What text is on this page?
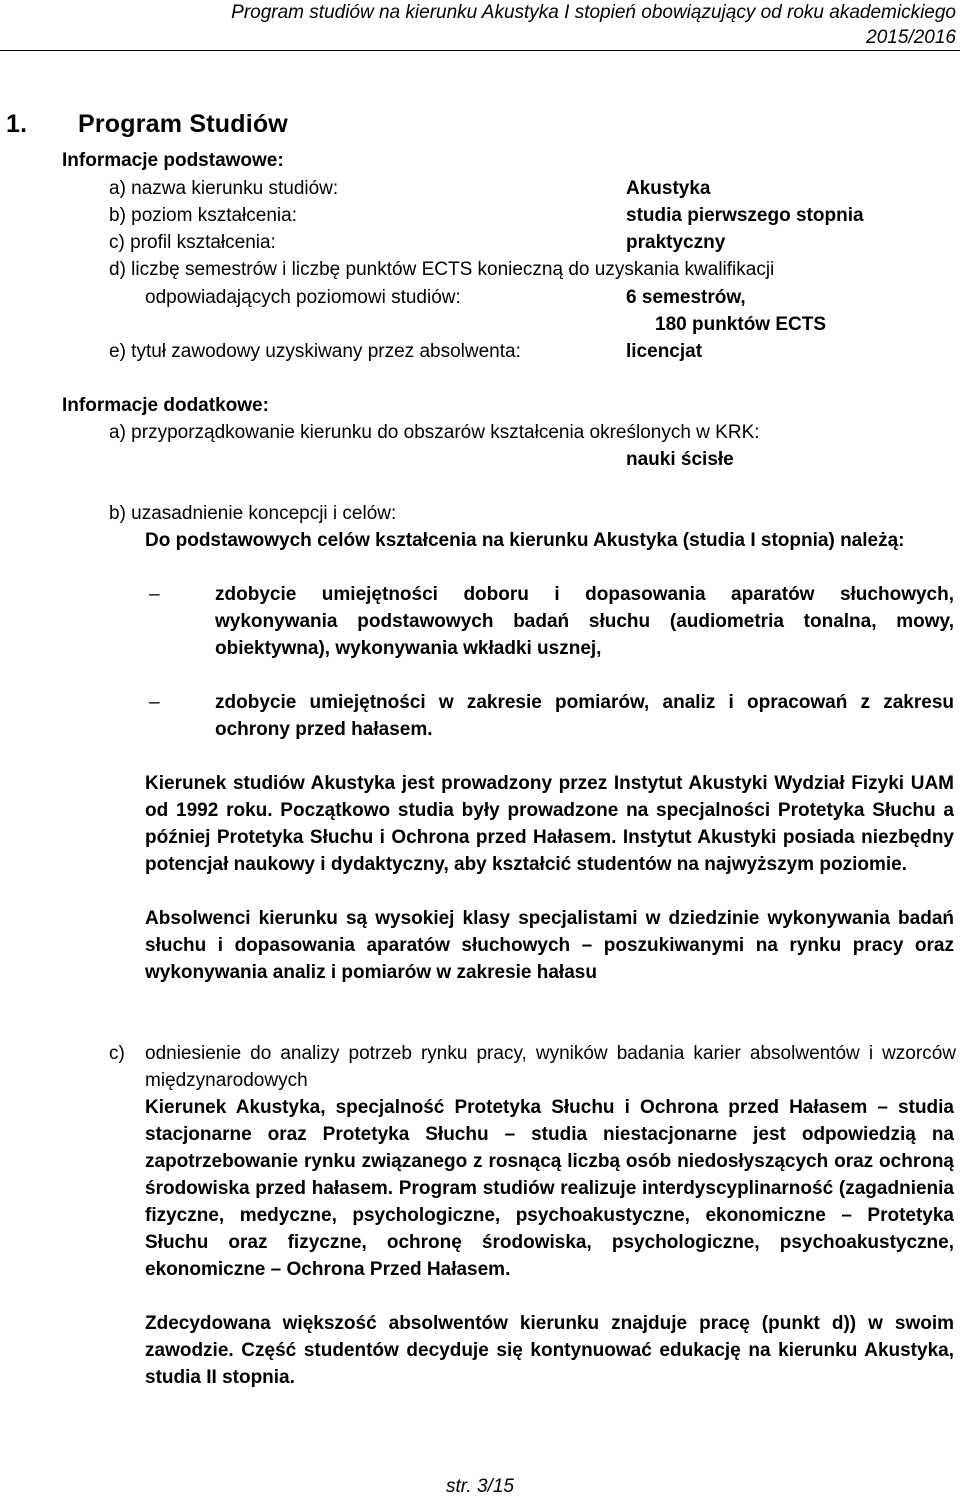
Program studiów na kierunku Akustyka I stopień obowiązujący od roku akademickiego
2015/2016
1. Program Studiów
Informacje podstawowe:
a) nazwa kierunku studiów:	Akustyka
b) poziom kształcenia:	studia pierwszego stopnia
c) profil kształcenia:	praktyczny
d) liczbę semestrów i liczbę punktów ECTS konieczną do uzyskania kwalifikacji
odpowiadających poziomowi studiów:	6 semestrów,
180 punktów ECTS
e) tytuł zawodowy uzyskiwany przez absolwenta:	licencjat
Informacje dodatkowe:
a) przyporządkowanie kierunku do obszarów kształcenia określonych w KRK:
nauki ścisłe
b) uzasadnienie koncepcji i celów:
Do podstawowych celów kształcenia na kierunku Akustyka (studia I stopnia) należą:
–	zdobycie umiejętności doboru i dopasowania aparatów słuchowych, wykonywania podstawowych badań słuchu (audiometria tonalna, mowy, obiektywna), wykonywania wkładki usznej,
–	zdobycie umiejętności w zakresie pomiarów, analiz i opracowań z zakresu ochrony przed hałasem.
Kierunek studiów Akustyka jest prowadzony przez Instytut Akustyki Wydział Fizyki UAM od 1992 roku. Początkowo studia były prowadzone na specjalności Protetyka Słuchu a później Protetyka Słuchu i Ochrona przed Hałasem. Instytut Akustyki posiada niezbędny potencjał naukowy i dydaktyczny, aby kształcić studentów na najwyższym poziomie.
Absolwenci kierunku są wysokiej klasy specjalistami w dziedzinie wykonywania badań słuchu i dopasowania aparatów słuchowych – poszukiwanymi na rynku pracy oraz wykonywania analiz i pomiarów w zakresie hałasu
c) odniesienie do analizy potrzeb rynku pracy, wyników badania karier absolwentów i wzorców międzynarodowych
Kierunek Akustyka, specjalność Protetyka Słuchu i Ochrona przed Hałasem – studia stacjonarne oraz Protetyka Słuchu – studia niestacjonarne jest odpowiedzią na zapotrzebowanie rynku związanego z rosnącą liczbą osób niedosłyszących oraz ochroną środowiska przed hałasem. Program studiów realizuje interdyscyplinarność (zagadnienia fizyczne, medyczne, psychologiczne, psychoakustyczne, ekonomiczne – Protetyka Słuchu oraz fizyczne, ochronę środowiska, psychologiczne, psychoakustyczne, ekonomiczne – Ochrona Przed Hałasem.
Zdecydowana większość absolwentów kierunku znajduje pracę (punkt d)) w swoim zawodzie. Część studentów decyduje się kontynuować edukację na kierunku Akustyka, studia II stopnia.
str. 3/15
